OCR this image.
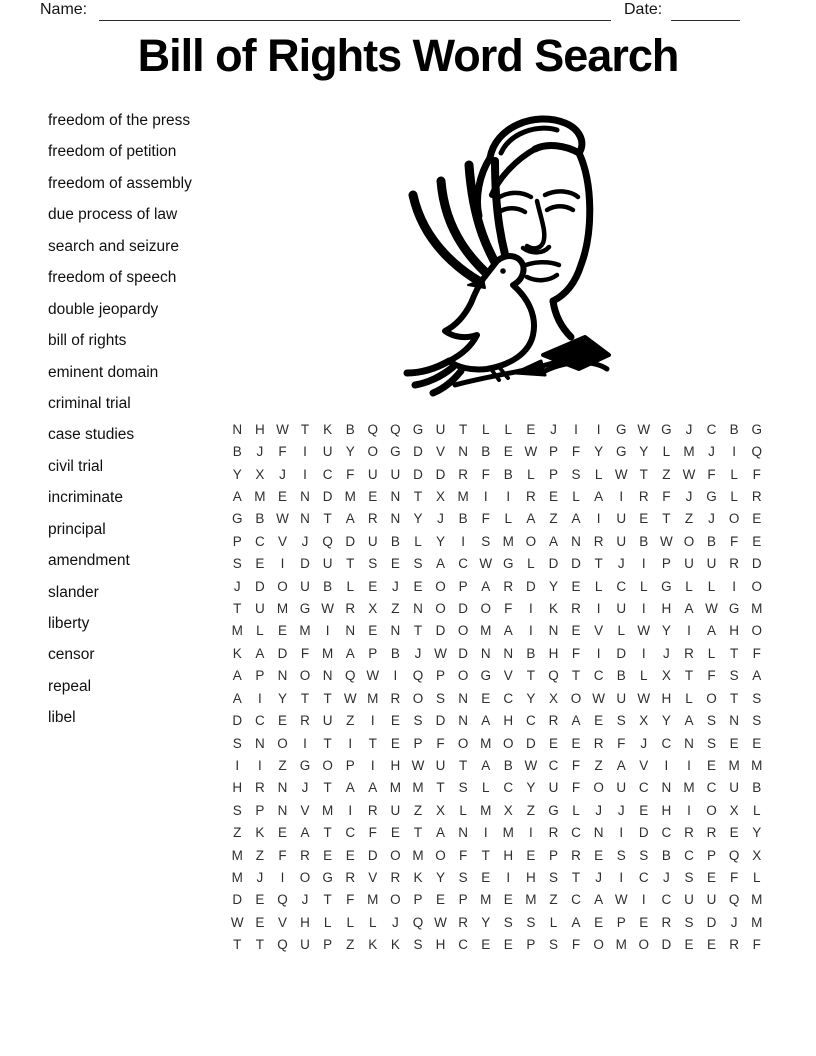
Name:	Date:
Bill of Rights Word Search
freedom of the press
freedom of petition
freedom of assembly
due process of law
search and seizure
freedom of speech
double jeopardy
bill of rights
eminent domain
criminal trial
case studies
civil trial
incriminate
principal
amendment
slander
liberty
censor
repeal
libel
N H W T	K	B Q Q G U	T	L	L	E	J	I	I	G W G	J	C B G
B	J	F	I	U Y O G D V N B	E W P	F	Y G Y	L M	J	I	Q
Y	X	J	I	C	F	U U D D R	F	B	L	P	S	L W T	Z W F	L	F
A M E N D M E N	T	X M	I	I	R E	L	A	I	R	F	J	G	L	R
G B W N	T	A R N Y	J	B	F	L	A	Z	A	I	U E	T	Z	J	O E
P C V	J	Q D U B	L	Y	I	S M O A N R U B W O B	F	E
S	E	I	D U	T	S	E	S	A C W G	L	D D	T	J	I	P U U R D
J	D O U B	L	E	J	E O P	A R D Y	E	L	C	L	G	L	L	I	O
T	U M G W R X	Z	N O D O F	I	K R	I	U	I	H A W G M
M L	E M	I	N E N	T	D O M A	I	N E	V	L W Y	I	A H O
K	A D	F M A	P	B	J W D N N B H	F	I	D	I	J	R	L	T	F
A	P N O N Q W	I	Q P O G V	T Q T	C B	L	X	T	F	S	A
A	I	Y	T	T W M R O S N E C Y	X O W U W H	L	O T	S
D C E R U	Z	I	E	S D N A H C R A	E	S	X	Y	A	S N S
S N O	I	T	I	T	E	P	F O M O D E	E R	F	J	C N S	E	E
I	I	Z G O P	I	H W U	T	A	B W C	F	Z	A	V	I	I	E M M
H R N	J	T	A	A M M T	S	L	C Y U	F O U C N M C U B
S	P N V M	I	R U	Z	X	L M X	Z G	L	J	J	E H	I	O X	L
Z	K	E	A	T	C	F	E	T	A N	I	M	I	R C N	I	D C R R E	Y
M Z	F	R E	E D O M O F	T	H E	P R E	S	S	B C P Q X
M	J	I	O G R V R K	Y	S	E	I	H S	T	J	I	C	J	S	E	F	L
D E Q	J	T	F M O P	E	P M E M Z	C A W	I	C U U Q M
W E	V H	L	L	L	J	Q W R Y	S	S	L	A	E	P	E R S D	J	M
T	T Q U P	Z	K	K	S H C E	E	P	S	F O M O D E	E R	F
